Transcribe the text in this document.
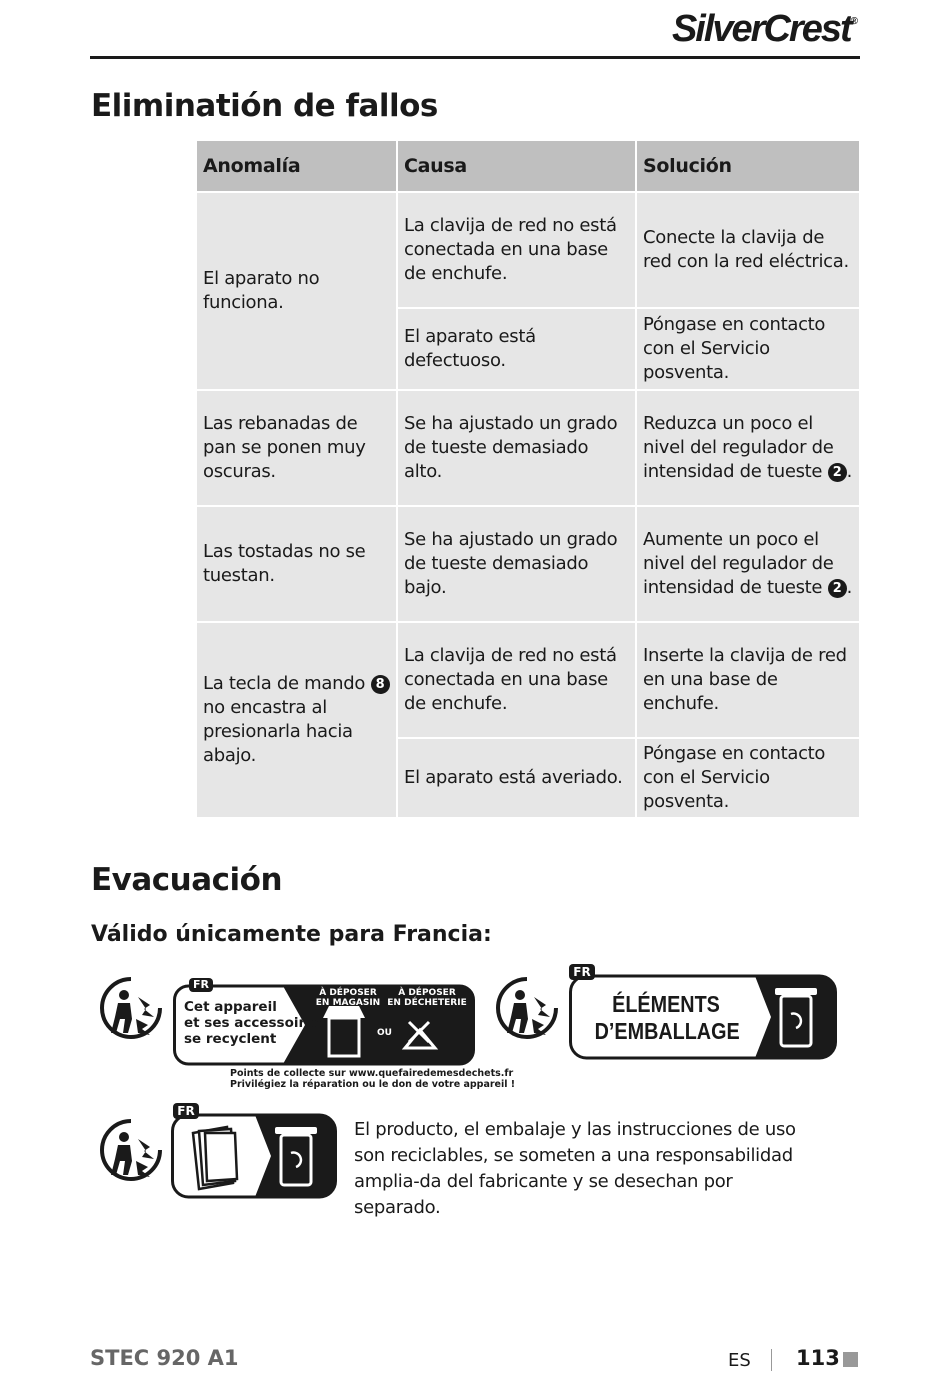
SilverCrest®
Eliminatión de fallos
Anomalía	Causa	Solución
El aparato no funciona.	La clavija de red no está conectada en una base de enchufe.	Conecte la clavija de red con la red eléctrica.
	El aparato está defectuoso.	Póngase en contacto con el Servicio posventa.
Las rebanadas de pan se ponen muy oscuras.	Se ha ajustado un grado de tueste demasiado alto.	Reduzca un poco el nivel del regulador de intensidad de tueste 2 .
Las tostadas no se tuestan.	Se ha ajustado un grado de tueste demasiado bajo.	Aumente un poco el nivel del regulador de intensidad de tueste 2 .
La tecla de mando 8 no encastra al presionarla hacia abajo.	La clavija de red no está conectada en una base de enchufe.	Inserte la clavija de red en una base de enchufe.
	El aparato está averiado.	Póngase en contacto con el Servicio posventa.
Evacuación
Válido únicamente para Francia:
FR
Cet appareil
et ses accessoires
se recyclent
À DÉPOSER
EN MAGASIN
À DÉPOSER
EN DÉCHETERIE
OU
Points de collecte sur www.quefairedemesdechets.fr
Privilégiez la réparation ou le don de votre appareil !
FR
ÉLÉMENTS
D’EMBALLAGE
FR

El producto, el embalaje y las instrucciones de uso son reciclables, se someten a una responsabilidad amplia-da del fabricante y se desechan por separado.

STEC 920 A1	ES 113
